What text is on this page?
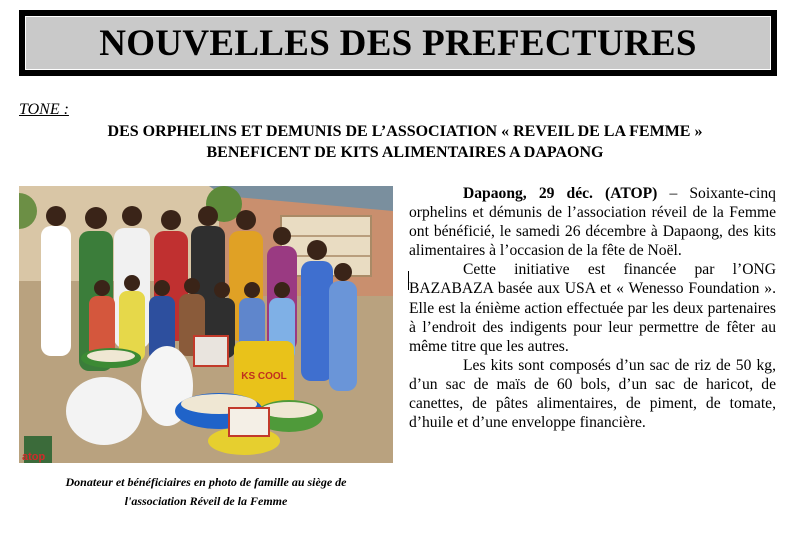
NOUVELLES DES PREFECTURES
TONE :
DES ORPHELINS ET DEMUNIS DE L’ASSOCIATION « REVEIL DE LA FEMME »
BENEFICENT DE KITS ALIMENTAIRES A DAPAONG
KS COOL
atop
Donateur et bénéficiaires en photo de famille au siège de
l'association Réveil de la Femme

Dapaong, 29 déc. (ATOP) – Soixante-cinq orphelins et démunis de l’association réveil de la Femme ont bénéficié, le samedi 26 décembre à Dapaong, des kits alimentaires à l’occasion de la fête de Noël.

Cette initiative est financée par l’ONG BAZABAZA basée aux USA et « Wenesso Foundation ». Elle est la énième action effectuée par les deux partenaires à l’endroit des indigents pour leur permettre de fêter au même titre que les autres.

Les kits sont composés d’un sac de riz de 50 kg, d’un sac de maïs de 60 bols, d’un sac de haricot, de canettes, de pâtes alimentaires, de piment, de tomate, d’huile et d’une enveloppe financière.
